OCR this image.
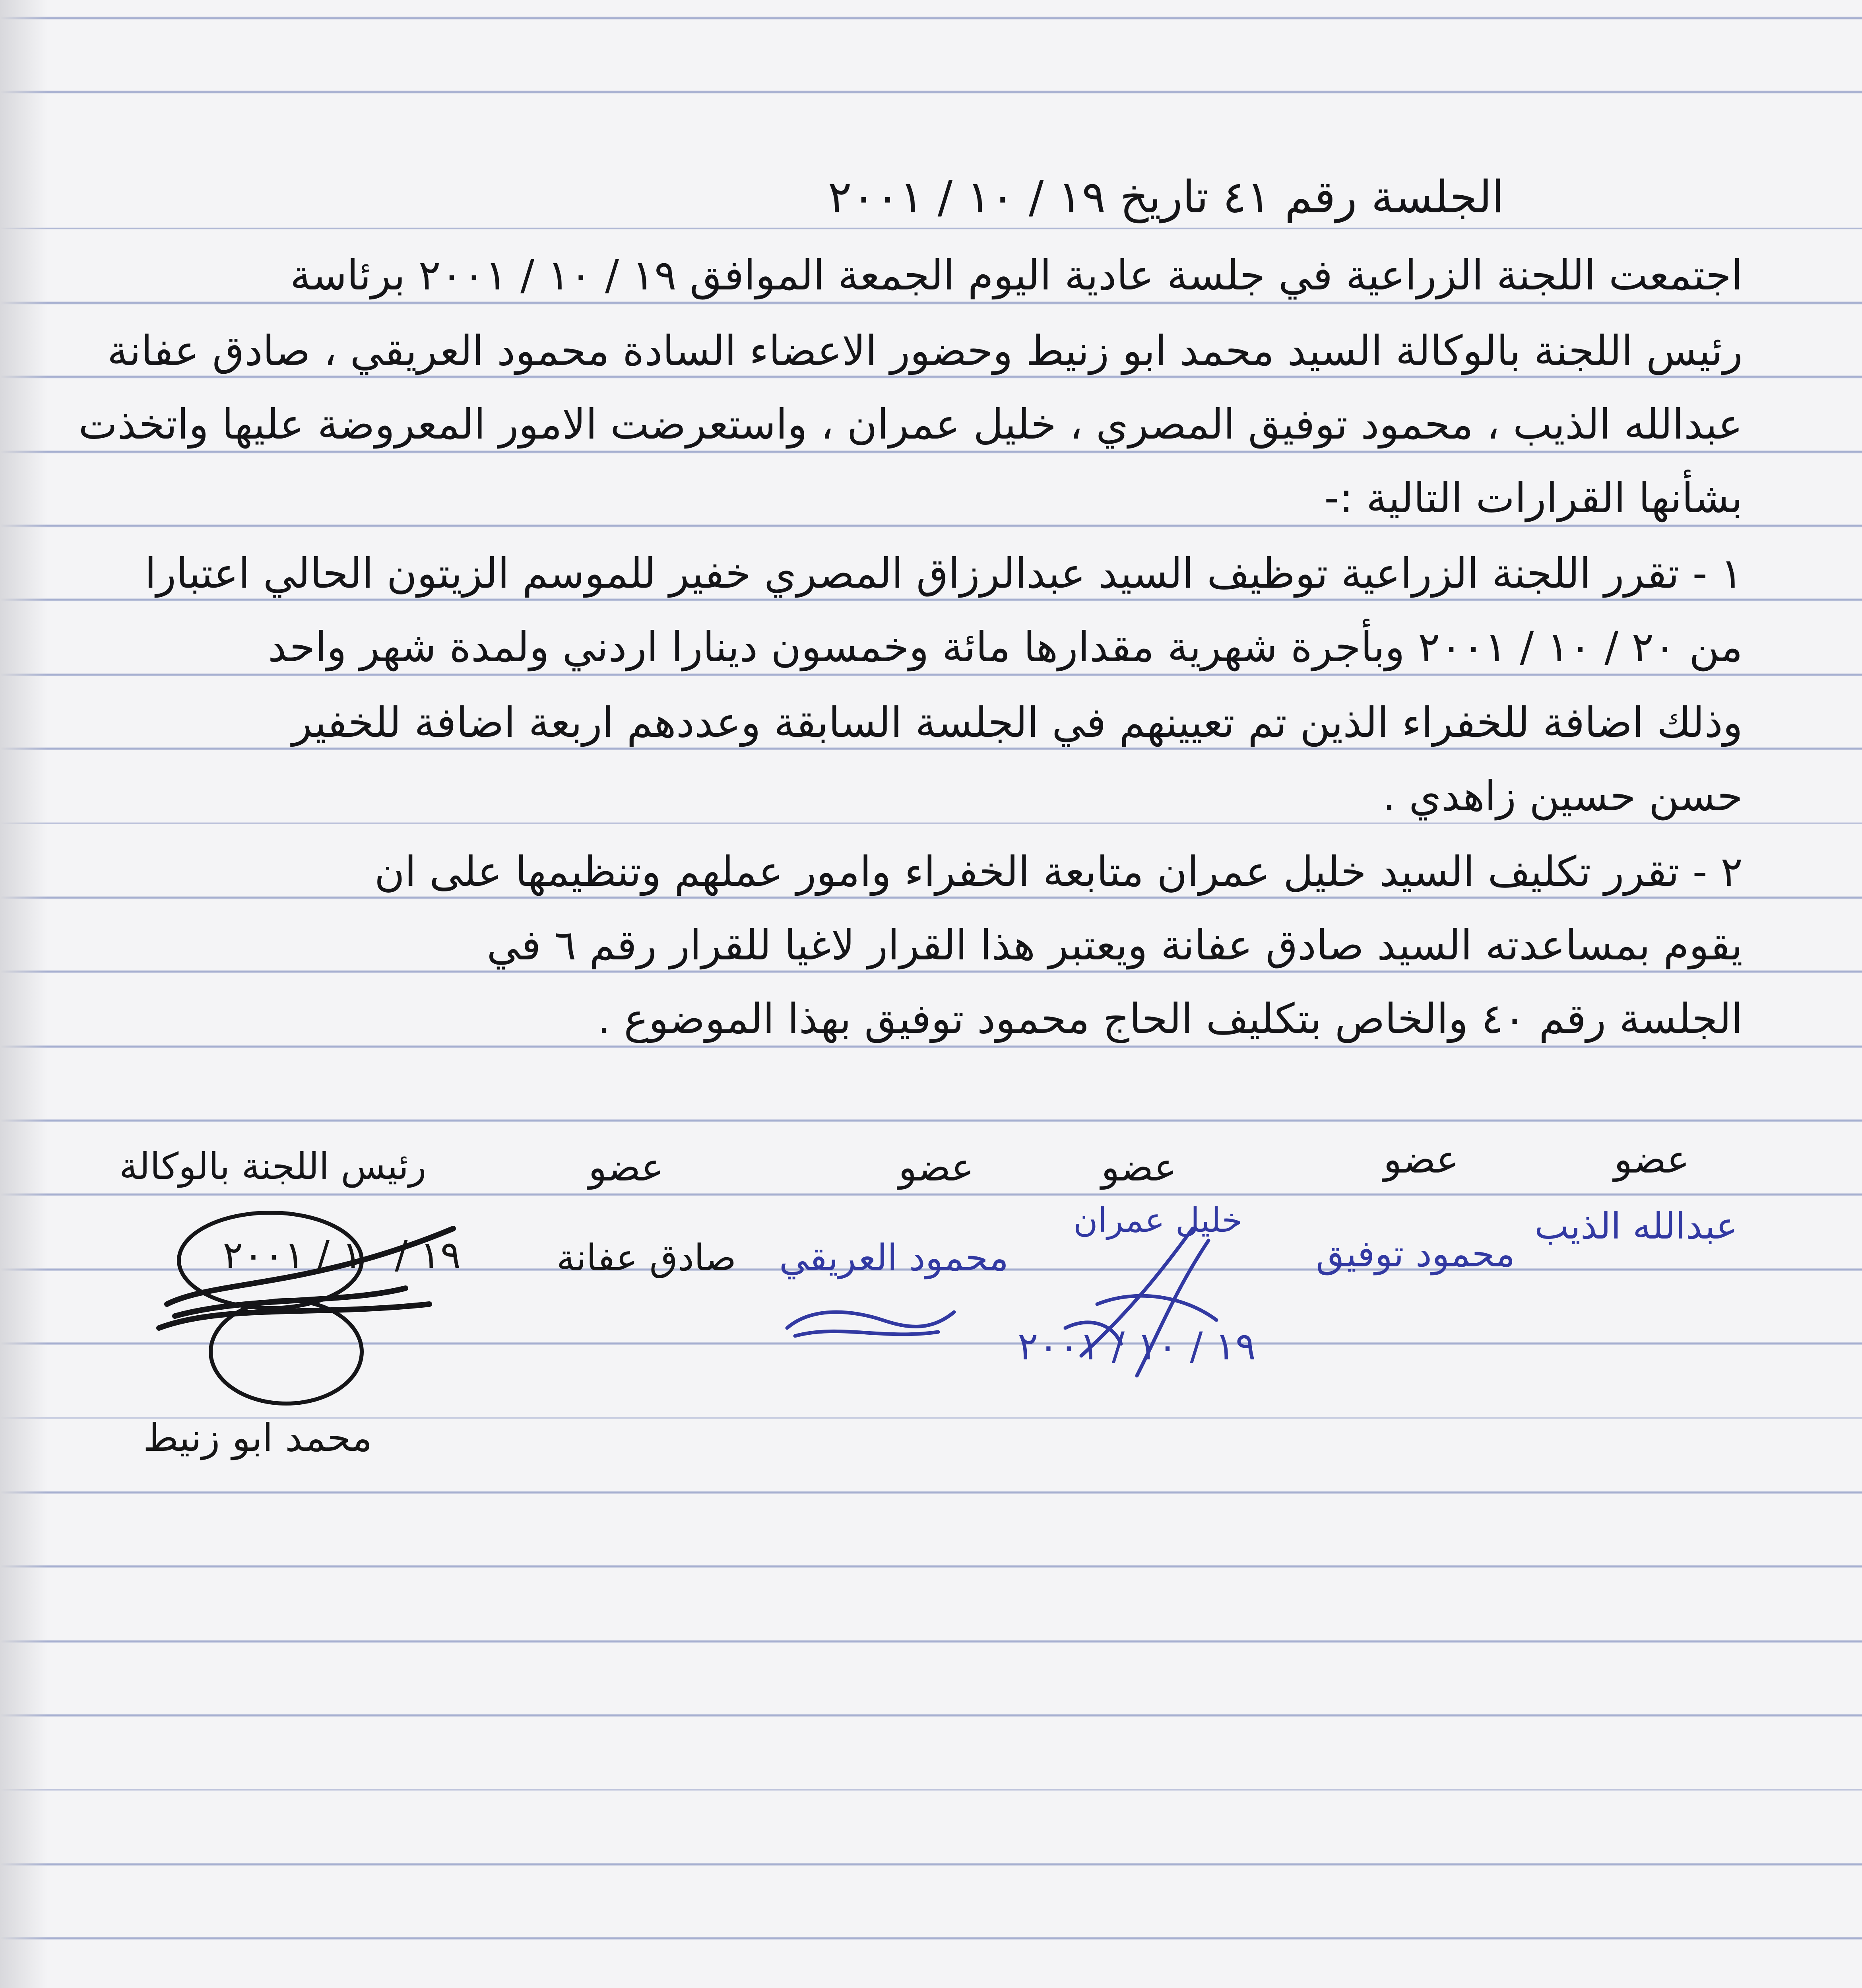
الجلسة رقم ٤١ تاريخ ١٩ / ١٠ / ٢٠٠١
اجتمعت اللجنة الزراعية في جلسة عادية اليوم الجمعة الموافق ١٩ / ١٠ / ٢٠٠١ برئاسة
رئيس اللجنة بالوكالة السيد محمد ابو زنيط وحضور الاعضاء السادة محمود العريقي ، صادق عفانة
عبدالله الذيب ، محمود توفيق المصري ، خليل عمران ، واستعرضت الامور المعروضة عليها واتخذت
بشأنها القرارات التالية :-
١ - تقرر اللجنة الزراعية توظيف السيد عبدالرزاق المصري خفير للموسم الزيتون الحالي اعتبارا
من ٢٠ / ١٠ / ٢٠٠١ وبأجرة شهرية مقدارها مائة وخمسون دينارا اردني ولمدة شهر واحد
وذلك اضافة للخفراء الذين تم تعيينهم في الجلسة السابقة وعددهم اربعة اضافة للخفير
حسن حسين زاهدي .
٢ - تقرر تكليف السيد خليل عمران متابعة الخفراء وامور عملهم وتنظيمها على ان
يقوم بمساعدته السيد صادق عفانة ويعتبر هذا القرار لاغيا للقرار رقم ٦ في
الجلسة رقم ٤٠ والخاص بتكليف الحاج محمود توفيق بهذا الموضوع .
عضو
عضو
عضو
عضو
عضو
رئيس اللجنة بالوكالة
عبدالله الذيب
محمود توفيق
خليل عمران
محمود العريقي
صادق عفانة
١٩ / ١٠ / ٢٠٠١
١٩ / ١٠ / ٢٠٠١
محمد ابو زنيط
